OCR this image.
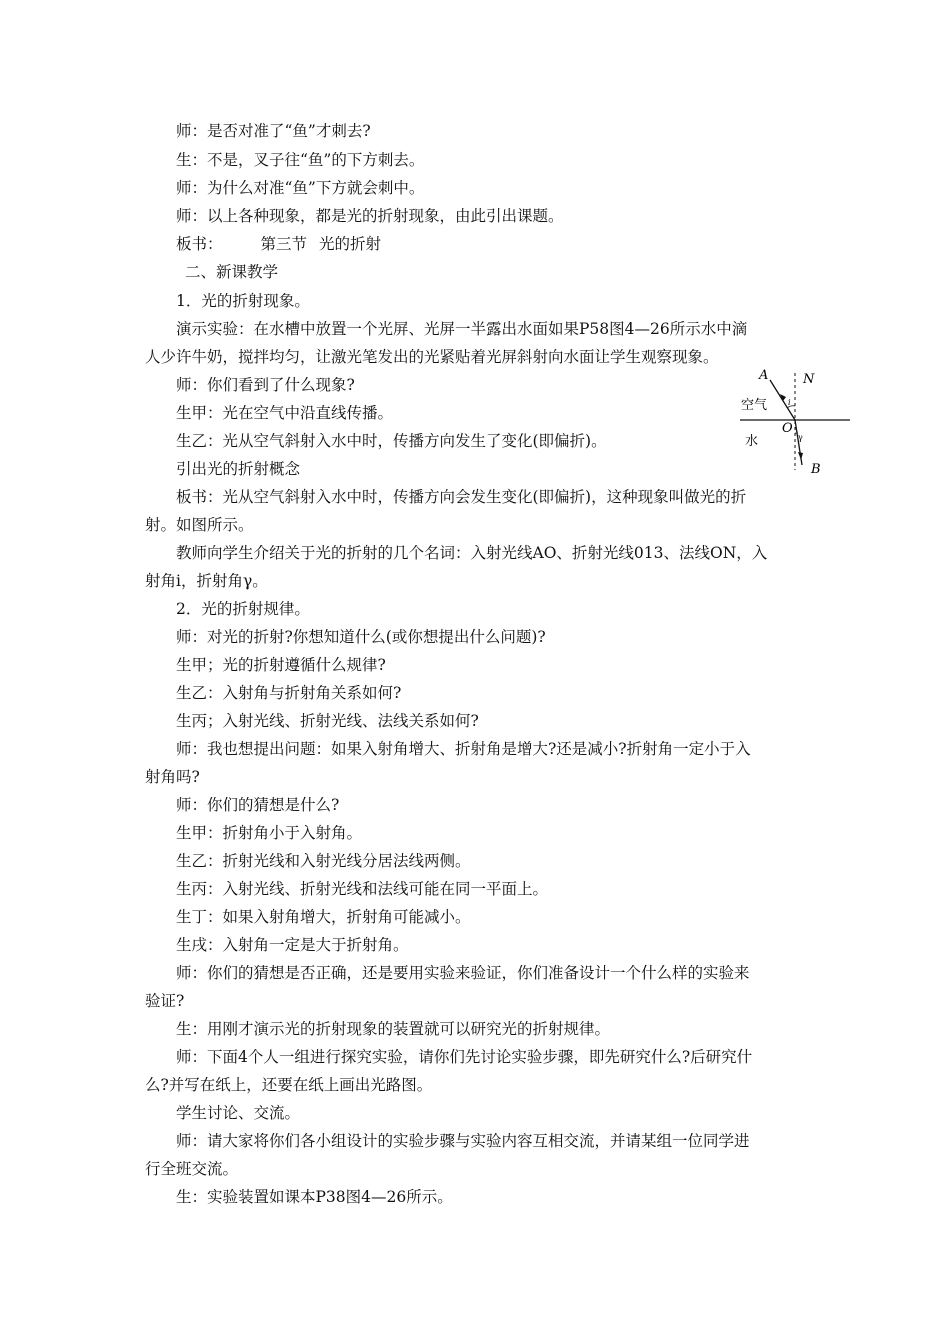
师：是否对准了“鱼”才刺去?
生：不是，叉子往“鱼”的下方刺去。
师：为什么对准“鱼”下方就会刺中。
师：以上各种现象，都是光的折射现象，由此引出课题。
板书： 第三节 光的折射
二、新课教学
1．光的折射现象。
演示实验：在水槽中放置一个光屏、光屏一半露出水面如果P58图4—26所示水中滴
人少许牛奶，搅拌均匀，让激光笔发出的光紧贴着光屏斜射向水面让学生观察现象。
师：你们看到了什么现象?
生甲：光在空气中沿直线传播。
生乙：光从空气斜射入水中时，传播方向发生了变化(即偏折)。
引出光的折射概念
板书：光从空气斜射入水中时，传播方向会发生变化(即偏折)，这种现象叫做光的折
射。如图所示。
教师向学生介绍关于光的折射的几个名词：入射光线AO、折射光线013、法线ON，入
射角i，折射角γ。
2．光的折射规律。
师：对光的折射?你想知道什么(或你想提出什么问题)?
生甲；光的折射遵循什么规律?
生乙：入射角与折射角关系如何?
生丙；入射光线、折射光线、法线关系如何?
师：我也想提出问题：如果入射角增大、折射角是增大?还是减小?折射角一定小于入
射角吗?
师：你们的猜想是什么?
生甲：折射角小于入射角。
生乙：折射光线和入射光线分居法线两侧。
生丙：入射光线、折射光线和法线可能在同一平面上。
生丁：如果入射角增大，折射角可能减小。
生戌：入射角一定是大于折射角。
师：你们的猜想是否正确，还是要用实验来验证，你们准备设计一个什么样的实验来
验证?
生：用刚才演示光的折射现象的装置就可以研究光的折射规律。
师：下面4个人一组进行探究实验，请你们先讨论实验步骤，即先研究什么?后研究什
么?并写在纸上，还要在纸上画出光路图。
学生讨论、交流。
师：请大家将你们各小组设计的实验步骤与实验内容互相交流，并请某组一位同学进
行全班交流。
生：实验装置如课本P38图4—26所示。
A	N
空气	i
O
水	γ
B
